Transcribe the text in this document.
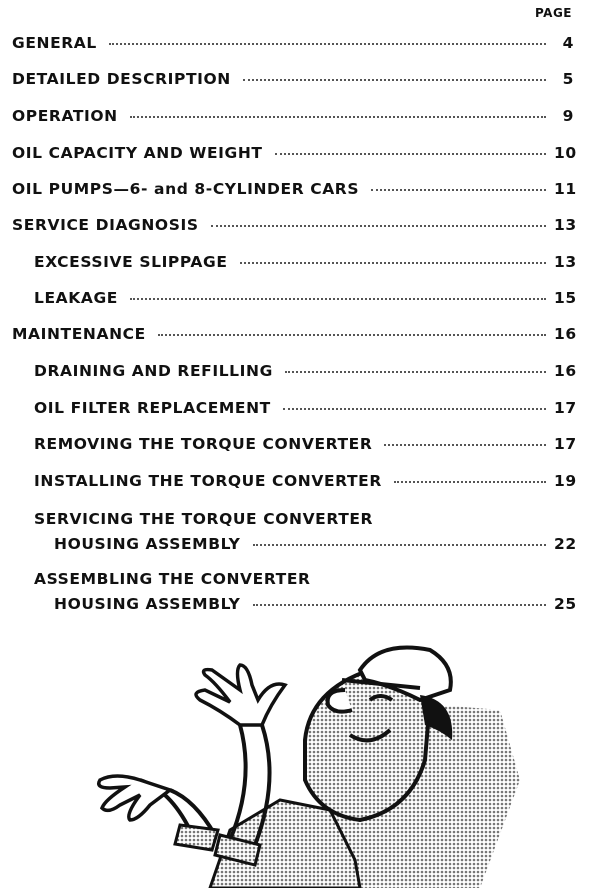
PAGE
GENERAL	4
DETAILED DESCRIPTION	5
OPERATION	9
OIL CAPACITY AND WEIGHT	10
OIL PUMPS—6- and 8-CYLINDER CARS	11
SERVICE DIAGNOSIS	13
EXCESSIVE SLIPPAGE	13
LEAKAGE	15
MAINTENANCE	16
DRAINING AND REFILLING	16
OIL FILTER REPLACEMENT	17
REMOVING THE TORQUE CONVERTER	17
INSTALLING THE TORQUE CONVERTER	19
SERVICING THE TORQUE CONVERTER
HOUSING ASSEMBLY	22
ASSEMBLING THE CONVERTER
HOUSING ASSEMBLY	25
